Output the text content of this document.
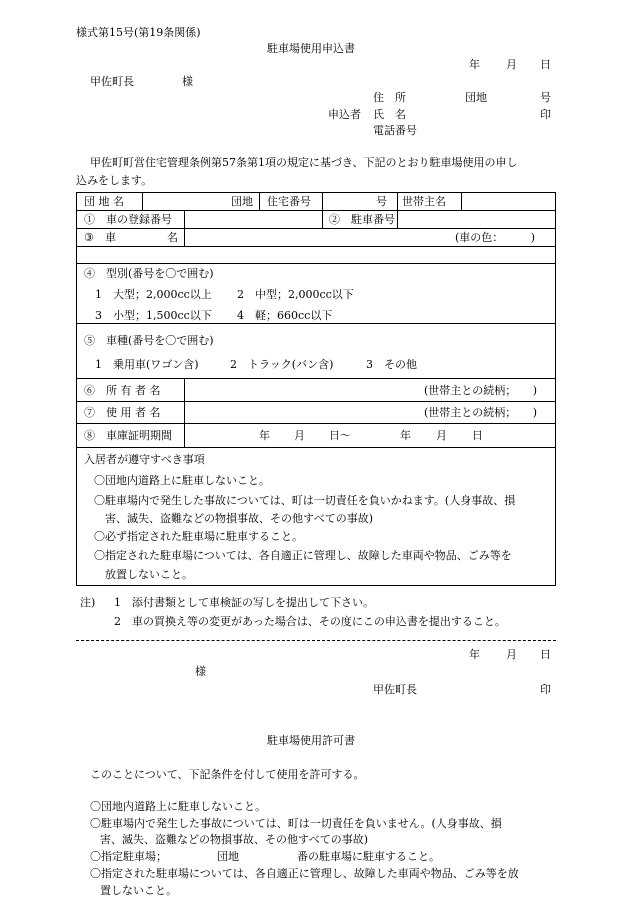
様式第15号(第19条関係)
駐車場使用申込書
年 月 日
甲佐町長	様
住　所	団地	号
申込者 氏　名	印
電話番号
甲佐町町営住宅管理条例第57条第1項の規定に基づき、下記のとおり駐車場使用の申し
込みをします。
団 地 名	団地 住宅番号	号 世帯主名
①　車の登録番号	②　駐車番号
③ 車	名	(車の色：　　　)
④　型別(番号を〇で囲む)
1　大型；2,000cc以上 2　中型；2,000cc以下
3　小型；1,500cc以下 4　軽；660cc以下
⑤　車種(番号を〇で囲む)
1　乗用車(ワゴン含)	2　トラック(バン含)	3　その他
⑥　所 有 者 名	(世帯主との続柄；　　)
⑦　使 用 者 名	(世帯主との続柄；　　)
⑧　車庫証明期間	年 月 日〜	年 月 日
入居者が遵守すべき事項
〇団地内道路上に駐車しないこと。
〇駐車場内で発生した事故については、町は一切責任を負いかねます。(人身事故、損
害、滅失、盗難などの物損事故、その他すべての事故)
〇必ず指定された駐車場に駐車すること。
〇指定された駐車場については、各自適正に管理し、故障した車両や物品、ごみ等を
放置しないこと。
注) 1　添付書類として車検証の写しを提出して下さい。
2　車の買換え等の変更があった場合は、その度にこの申込書を提出すること。
年 月 日
様
甲佐町長	印
駐車場使用許可書
このことについて、下記条件を付して使用を許可する。
〇団地内道路上に駐車しないこと。
〇駐車場内で発生した事故については、町は一切責任を負いません。(人身事故、損
害、滅失、盗難などの物損事故、その他すべての事故)
〇指定駐車場；	団地	番の駐車場に駐車すること。
〇指定された駐車場については、各自適正に管理し、故障した車両や物品、ごみ等を放
置しないこと。
